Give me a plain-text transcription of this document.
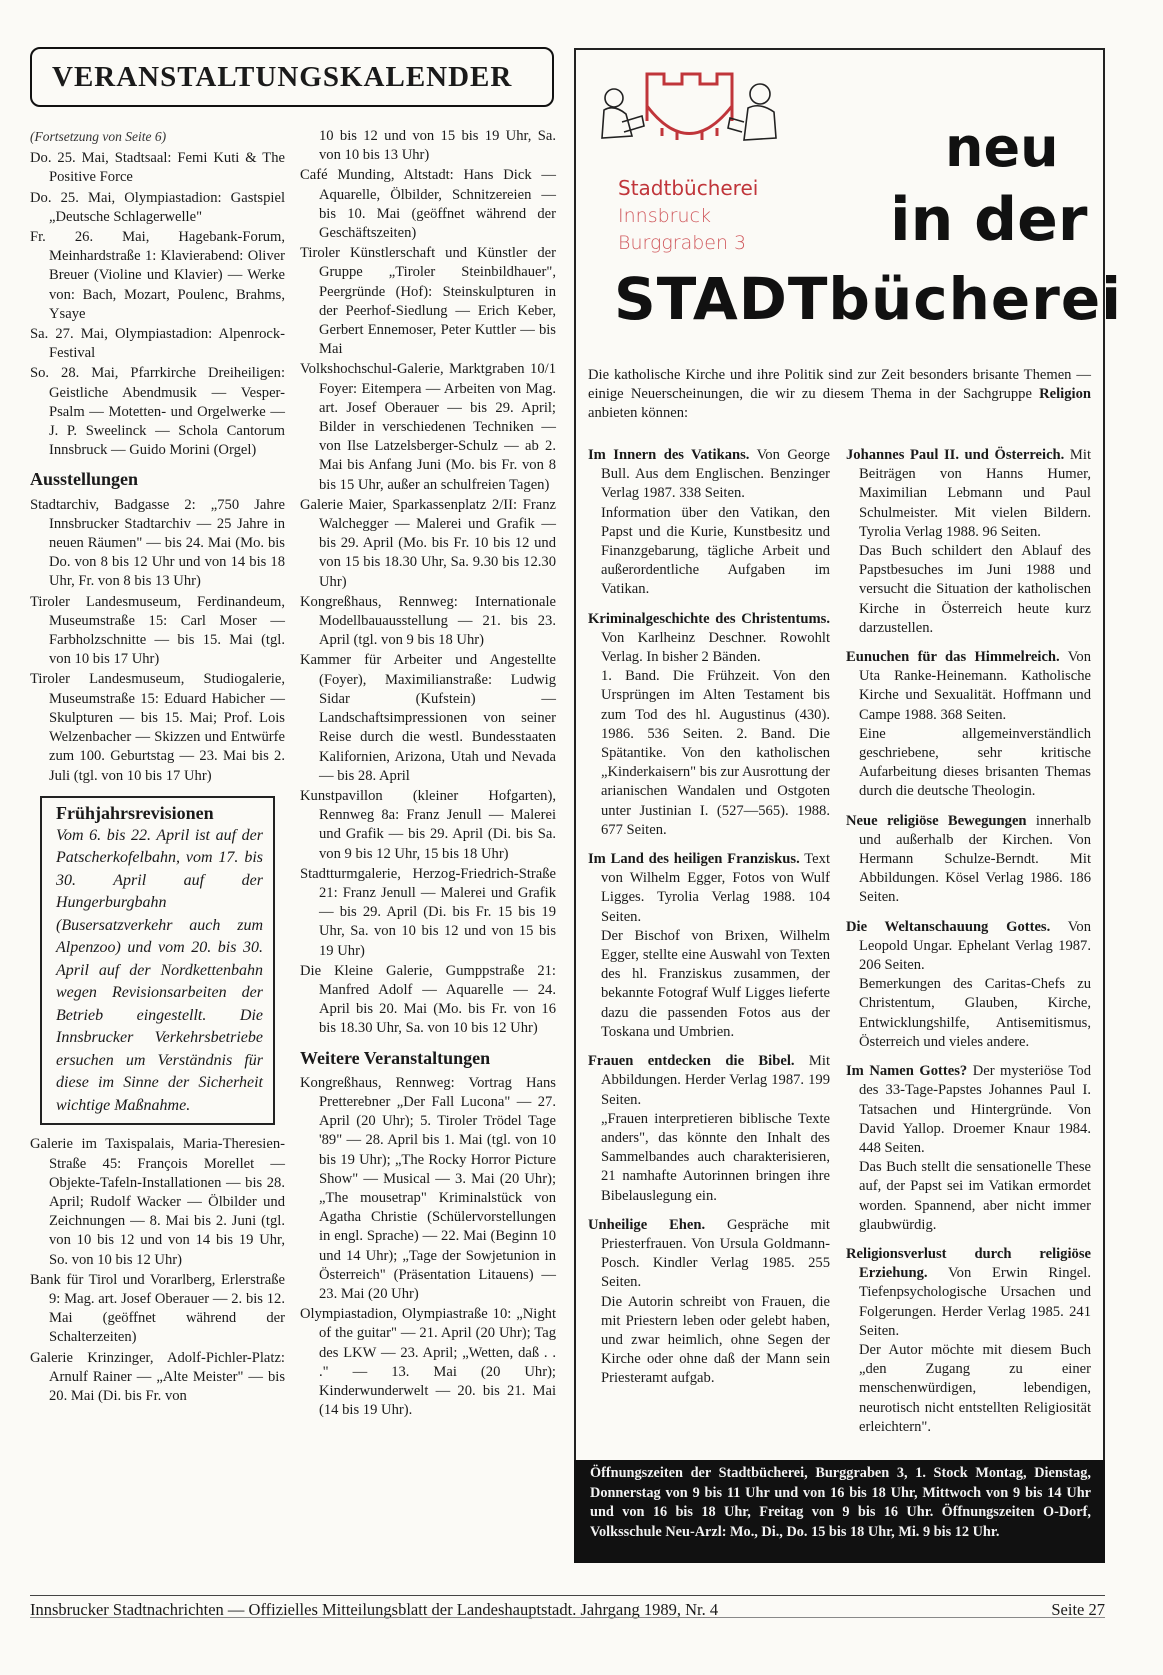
VERANSTALTUNGSKALENDER

(Fortsetzung von Seite 6)

Do. 25. Mai, Stadtsaal: Femi Kuti & The Positive Force

Do. 25. Mai, Olympiastadion: Gastspiel „Deutsche Schlagerwelle"

Fr. 26. Mai, Hagebank-Forum, Meinhardstraße 1: Klavierabend: Oliver Breuer (Violine und Klavier) — Werke von: Bach, Mozart, Poulenc, Brahms, Ysaye

Sa. 27. Mai, Olympiastadion: Alpenrock-Festival

So. 28. Mai, Pfarrkirche Dreiheiligen: Geistliche Abendmusik — Vesper-Psalm — Motetten- und Orgelwerke — J. P. Sweelinck — Schola Cantorum Innsbruck — Guido Morini (Orgel)

Ausstellungen

Stadtarchiv, Badgasse 2: „750 Jahre Innsbrucker Stadtarchiv — 25 Jahre in neuen Räumen" — bis 24. Mai (Mo. bis Do. von 8 bis 12 Uhr und von 14 bis 18 Uhr, Fr. von 8 bis 13 Uhr)

Tiroler Landesmuseum, Ferdinandeum, Museumstraße 15: Carl Moser — Farbholzschnitte — bis 15. Mai (tgl. von 10 bis 17 Uhr)

Tiroler Landesmuseum, Studiogalerie, Museumstraße 15: Eduard Habicher — Skulpturen — bis 15. Mai; Prof. Lois Welzenbacher — Skizzen und Entwürfe zum 100. Geburtstag — 23. Mai bis 2. Juli (tgl. von 10 bis 17 Uhr)

Frühjahrsrevisionen

Vom 6. bis 22. April ist auf der Patscherkofelbahn, vom 17. bis 30. April auf der Hungerburgbahn (Busersatzverkehr auch zum Alpenzoo) und vom 20. bis 30. April auf der Nordkettenbahn wegen Revisionsarbeiten der Betrieb eingestellt. Die Innsbrucker Verkehrsbetriebe ersuchen um Verständnis für diese im Sinne der Sicherheit wichtige Maßnahme.

Galerie im Taxispalais, Maria-Theresien-Straße 45: François Morellet — Objekte-Tafeln-Installationen — bis 28. April; Rudolf Wacker — Ölbilder und Zeichnungen — 8. Mai bis 2. Juni (tgl. von 10 bis 12 und von 14 bis 19 Uhr, So. von 10 bis 12 Uhr)

Bank für Tirol und Vorarlberg, Erlerstraße 9: Mag. art. Josef Oberauer — 2. bis 12. Mai (geöffnet während der Schalterzeiten)

Galerie Krinzinger, Adolf-Pichler-Platz: Arnulf Rainer — „Alte Meister" — bis 20. Mai (Di. bis Fr. von

10 bis 12 und von 15 bis 19 Uhr, Sa. von 10 bis 13 Uhr)

Café Munding, Altstadt: Hans Dick — Aquarelle, Ölbilder, Schnitzereien — bis 10. Mai (geöffnet während der Geschäftszeiten)

Tiroler Künstlerschaft und Künstler der Gruppe „Tiroler Steinbildhauer", Peergründe (Hof): Steinskulpturen in der Peerhof-Siedlung — Erich Keber, Gerbert Ennemoser, Peter Kuttler — bis Mai

Volkshochschul-Galerie, Marktgraben 10/1 Foyer: Eitempera — Arbeiten von Mag. art. Josef Oberauer — bis 29. April; Bilder in verschiedenen Techniken — von Ilse Latzelsberger-Schulz — ab 2. Mai bis Anfang Juni (Mo. bis Fr. von 8 bis 15 Uhr, außer an schulfreien Tagen)

Galerie Maier, Sparkassenplatz 2/II: Franz Walchegger — Malerei und Grafik — bis 29. April (Mo. bis Fr. 10 bis 12 und von 15 bis 18.30 Uhr, Sa. 9.30 bis 12.30 Uhr)

Kongreßhaus, Rennweg: Internationale Modellbauausstellung — 21. bis 23. April (tgl. von 9 bis 18 Uhr)

Kammer für Arbeiter und Angestellte (Foyer), Maximilianstraße: Ludwig Sidar (Kufstein) — Landschaftsimpressionen von seiner Reise durch die westl. Bundesstaaten Kalifornien, Arizona, Utah und Nevada — bis 28. April

Kunstpavillon (kleiner Hofgarten), Rennweg 8a: Franz Jenull — Malerei und Grafik — bis 29. April (Di. bis Sa. von 9 bis 12 Uhr, 15 bis 18 Uhr)

Stadtturmgalerie, Herzog-Friedrich-Straße 21: Franz Jenull — Malerei und Grafik — bis 29. April (Di. bis Fr. 15 bis 19 Uhr, Sa. von 10 bis 12 und von 15 bis 19 Uhr)

Die Kleine Galerie, Gumppstraße 21: Manfred Adolf — Aquarelle — 24. April bis 20. Mai (Mo. bis Fr. von 16 bis 18.30 Uhr, Sa. von 10 bis 12 Uhr)

Weitere Veranstaltungen

Kongreßhaus, Rennweg: Vortrag Hans Pretterebner „Der Fall Lucona" — 27. April (20 Uhr); 5. Tiroler Trödel Tage '89" — 28. April bis 1. Mai (tgl. von 10 bis 19 Uhr); „The Rocky Horror Picture Show" — Musical — 3. Mai (20 Uhr); „The mousetrap" Kriminalstück von Agatha Christie (Schülervorstellungen in engl. Sprache) — 22. Mai (Beginn 10 und 14 Uhr); „Tage der Sowjetunion in Österreich" (Präsentation Litauens) — 23. Mai (20 Uhr)

Olympiastadion, Olympiastraße 10: „Night of the guitar" — 21. April (20 Uhr); Tag des LKW — 23. April; „Wetten, daß . . ." — 13. Mai (20 Uhr); Kinderwunderwelt — 20. bis 21. Mai (14 bis 19 Uhr).

Stadtbücherei
Innsbruck
Burggraben 3
neu
in der
STADTbücherei
Die katholische Kirche und ihre Politik sind zur Zeit besonders brisante Themen — einige Neuerscheinungen, die wir zu diesem Thema in der Sachgruppe Religion anbieten können:

Im Innern des Vatikans. Von George Bull. Aus dem Englischen. Benzinger Verlag 1987. 338 Seiten.
Information über den Vatikan, den Papst und die Kurie, Kunstbesitz und Finanzgebarung, tägliche Arbeit und außerordentliche Aufgaben im Vatikan.

Kriminalgeschichte des Christentums. Von Karlheinz Deschner. Rowohlt Verlag. In bisher 2 Bänden.
1. Band. Die Frühzeit. Von den Ursprüngen im Alten Testament bis zum Tod des hl. Augustinus (430). 1986. 536 Seiten. 2. Band. Die Spätantike. Von den katholischen „Kinderkaisern" bis zur Ausrottung der arianischen Wandalen und Ostgoten unter Justinian I. (527—565). 1988. 677 Seiten.

Im Land des heiligen Franziskus. Text von Wilhelm Egger, Fotos von Wulf Ligges. Tyrolia Verlag 1988. 104 Seiten.
Der Bischof von Brixen, Wilhelm Egger, stellte eine Auswahl von Texten des hl. Franziskus zusammen, der bekannte Fotograf Wulf Ligges lieferte dazu die passenden Fotos aus der Toskana und Umbrien.

Frauen entdecken die Bibel. Mit Abbildungen. Herder Verlag 1987. 199 Seiten.
„Frauen interpretieren biblische Texte anders", das könnte den Inhalt des Sammelbandes auch charakterisieren, 21 namhafte Autorinnen bringen ihre Bibelauslegung ein.

Unheilige Ehen. Gespräche mit Priesterfrauen. Von Ursula Goldmann-Posch. Kindler Verlag 1985. 255 Seiten.
Die Autorin schreibt von Frauen, die mit Priestern leben oder gelebt haben, und zwar heimlich, ohne Segen der Kirche oder ohne daß der Mann sein Priesteramt aufgab.

Johannes Paul II. und Österreich. Mit Beiträgen von Hanns Humer, Maximilian Lebmann und Paul Schulmeister. Mit vielen Bildern. Tyrolia Verlag 1988. 96 Seiten.
Das Buch schildert den Ablauf des Papstbesuches im Juni 1988 und versucht die Situation der katholischen Kirche in Österreich heute kurz darzustellen.

Eunuchen für das Himmelreich. Von Uta Ranke-Heinemann. Katholische Kirche und Sexualität. Hoffmann und Campe 1988. 368 Seiten.
Eine allgemeinverständlich geschriebene, sehr kritische Aufarbeitung dieses brisanten Themas durch die deutsche Theologin.

Neue religiöse Bewegungen innerhalb und außerhalb der Kirchen. Von Hermann Schulze-Berndt. Mit Abbildungen. Kösel Verlag 1986. 186 Seiten.

Die Weltanschauung Gottes. Von Leopold Ungar. Ephelant Verlag 1987. 206 Seiten.
Bemerkungen des Caritas-Chefs zu Christentum, Glauben, Kirche, Entwicklungshilfe, Antisemitismus, Österreich und vieles andere.

Im Namen Gottes? Der mysteriöse Tod des 33-Tage-Papstes Johannes Paul I. Tatsachen und Hintergründe. Von David Yallop. Droemer Knaur 1984. 448 Seiten.
Das Buch stellt die sensationelle These auf, der Papst sei im Vatikan ermordet worden. Spannend, aber nicht immer glaubwürdig.

Religionsverlust durch religiöse Erziehung. Von Erwin Ringel. Tiefenpsychologische Ursachen und Folgerungen. Herder Verlag 1985. 241 Seiten.
Der Autor möchte mit diesem Buch „den Zugang zu einer menschenwürdigen, lebendigen, neurotisch nicht entstellten Religiosität erleichtern".

Öffnungszeiten der Stadtbücherei, Burggraben 3, 1. Stock Montag, Dienstag, Donnerstag von 9 bis 11 Uhr und von 16 bis 18 Uhr, Mittwoch von 9 bis 14 Uhr und von 16 bis 18 Uhr, Freitag von 9 bis 16 Uhr. Öffnungszeiten O-Dorf, Volksschule Neu-Arzl: Mo., Di., Do. 15 bis 18 Uhr, Mi. 9 bis 12 Uhr.
Innsbrucker Stadtnachrichten — Offizielles Mitteilungsblatt der Landeshauptstadt. Jahrgang 1989, Nr. 4	Seite 27
